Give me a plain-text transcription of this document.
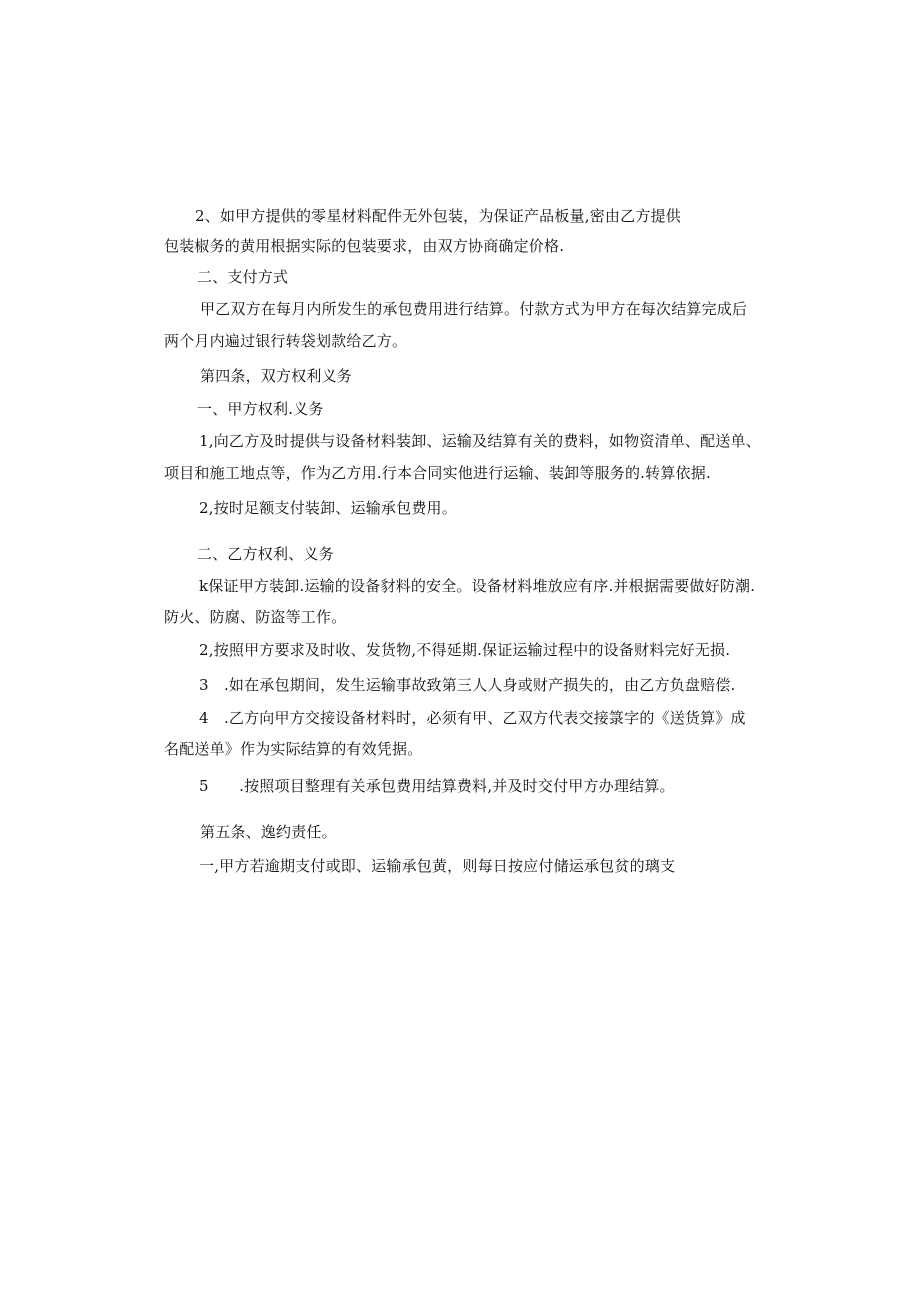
2、如甲方提供的零星材料配件无外包装，为保证产品板量,密由乙方提供
包装椒务的黄用根据实际的包装要求，由双方协商确定价格.
二、支付方式
甲乙双方在每月内所发生的承包费用进行结算。付款方式为甲方在每次结算完成后
两个月内遍过银行转袋划款给乙方。
第四条，双方权利义务
一、甲方权利.义务
1,向乙方及时提供与设备材料装卸、运输及结算有关的费料，如物资清单、配送单、
项目和施工地点等，作为乙方用.行本合同实他进行运输、装卸等服务的.转算依据.
2,按时足额支付装卸、运输承包费用。
二、乙方权利、义务
k保证甲方装卸.运输的设备豺料的安全。设备材料堆放应有序.并根据需要做好防潮.
防火、防腐、防盗等工作。
2,按照甲方要求及时收、发货物,不得延期.保证运输过程中的设备财料完好无损.
3　.如在承包期间，发生运输事故致第三人人身或财产损失的，由乙方负盘赔偿.
4　.乙方向甲方交接设备材料时，必须有甲、乙双方代表交接箓字的《送货算》成
名配送单》作为实际结算的有效凭据。
5　　.按照项目整理有关承包费用结算费料,并及时交付甲方办理结算。
第五条、逸约责任。
一,甲方若逾期支付或即、运输承包黄，则每日按应付储运承包贫的璃支
